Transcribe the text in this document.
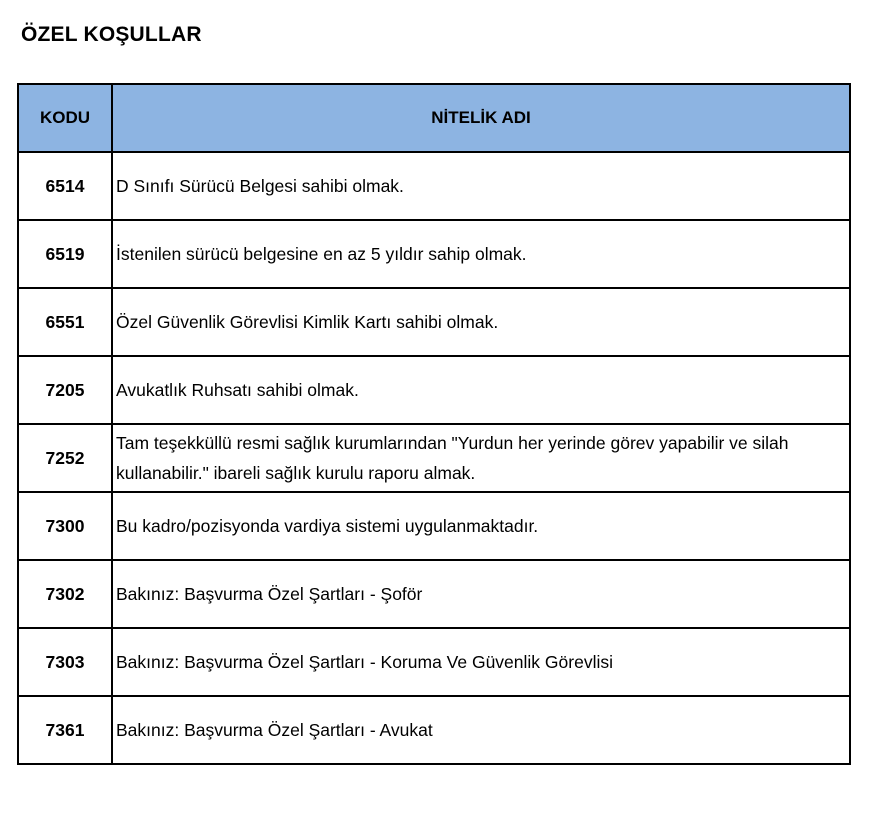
ÖZEL KOŞULLAR
KODU	NİTELİK ADI
6514	D Sınıfı Sürücü Belgesi sahibi olmak.
6519	İstenilen sürücü belgesine en az 5 yıldır sahip olmak.
6551	Özel Güvenlik Görevlisi Kimlik Kartı sahibi olmak.
7205	Avukatlık Ruhsatı sahibi olmak.
7252	Tam teşekküllü resmi sağlık kurumlarından "Yurdun her yerinde görev yapabilir ve silah kullanabilir." ibareli sağlık kurulu raporu almak.
7300	Bu kadro/pozisyonda vardiya sistemi uygulanmaktadır.
7302	Bakınız: Başvurma Özel Şartları - Şoför
7303	Bakınız: Başvurma Özel Şartları - Koruma Ve Güvenlik Görevlisi
7361	Bakınız: Başvurma Özel Şartları - Avukat
